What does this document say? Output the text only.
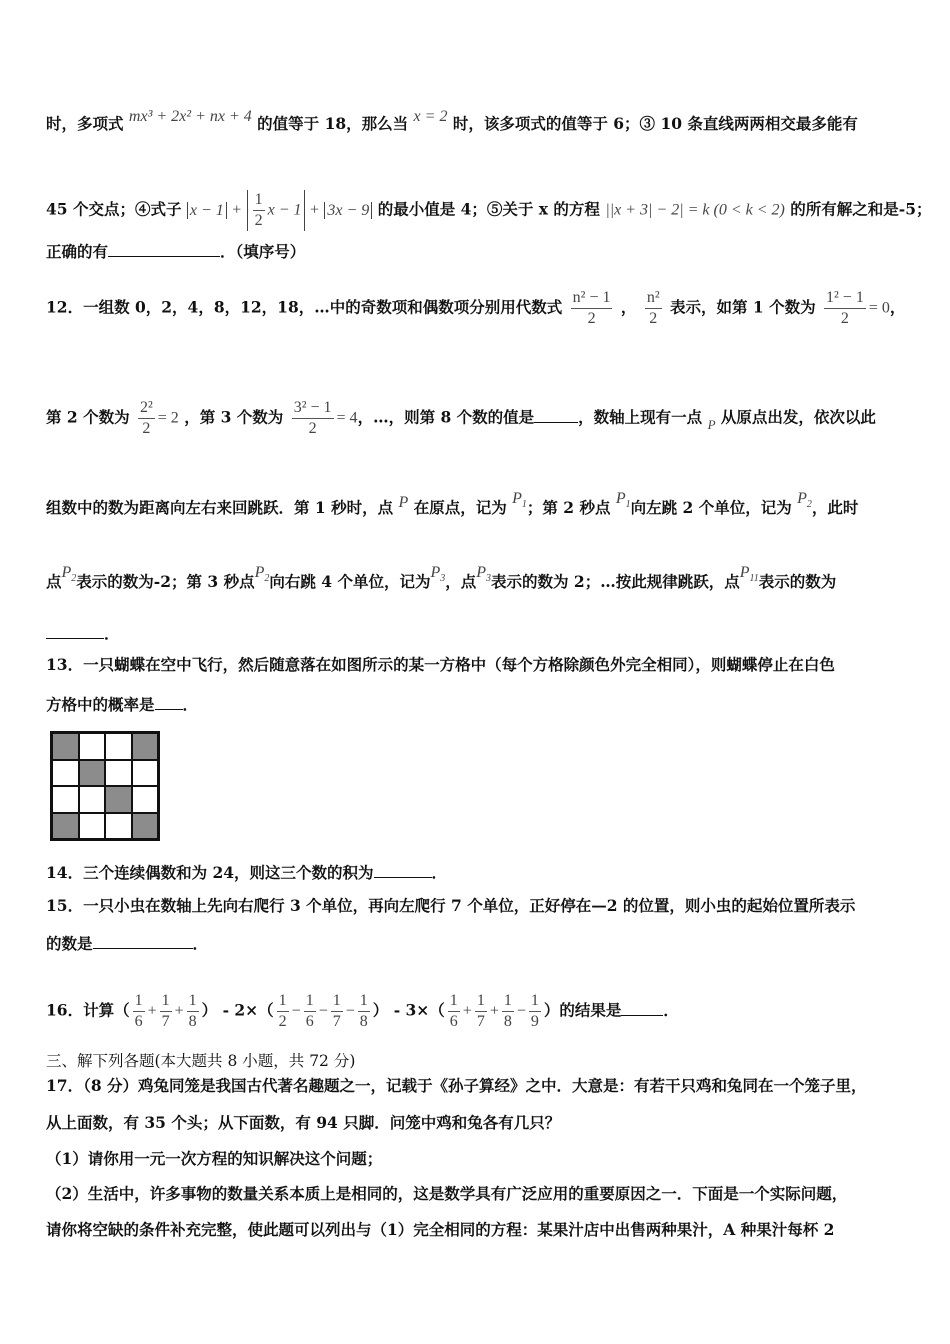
时，多项式 mx³ + 2x² + nx + 4 的值等于 18，那么当 x = 2 时，该多项式的值等于 6；③ 10 条直线两两相交最多能有
45 个交点；④式子 $x - 1 + \frac{1}{2}$ x − 1 + 3x − 9 的最小值是 4；⑤关于 x 的方程 ||x + 3| − 2| = k (0 < k < 2) 的所有解之和是-5；
正确的有	．（填序号）
12．一组数 0，2，4，8，12，18，…中的奇数项和偶数项分别用代数式 $\frac{\text{n² − 1}}{2}$ ， $\frac{\text{n²}}{2}$ 表示，如第 1 个数为 $\frac{\text{1² − 1}}{2} = 0$，
第 2 个数为 $\frac{\text{2²}}{2} = 2$ ，第 3 个数为 $\frac{\text{3² − 1}}{2} = 4$，…，则第 8 个数的值是	，数轴上现有一点 $_P$ 从原点出发，依次以此
组数中的数为距离向左右来回跳跃．第 1 秒时，点 P 在原点，记为 $P_1$；第 2 秒点 $P_1$向左跳 2 个单位，记为 $P_2$，此时
点$P_2$表示的数为-2；第 3 秒点$P_2$向右跳 4 个单位，记为$P_3$，点$P_3$表示的数为 2；…按此规律跳跃，点$P_{11}$表示的数为
．
13．一只蝴蝶在空中飞行，然后随意落在如图所示的某一方格中（每个方格除颜色外完全相同），则蝴蝶停止在白色
方格中的概率是 ．
14．三个连续偶数和为 24，则这三个数的积为	．
15．一只小虫在数轴上先向右爬行 3 个单位，再向左爬行 7 个单位，正好停在—2 的位置，则小虫的起始位置所表示
的数是	．
16．计算（ $\frac{1}{6} + \frac{1}{7} + \frac{1}{8}$ ） - $2\times( \frac{1}{2} - \frac{1}{6} - \frac{1}{7} - \frac{1}{8}$ ） - $3\times( \frac{1}{6} + \frac{1}{7} + \frac{1}{8} - \frac{1}{9}$ ）的结果是	．
三、解下列各题(本大题共 8 小题，共 72 分)
17．（8 分）鸡兔同笼是我国古代著名趣题之一，记载于《孙子算经》之中．大意是：有若干只鸡和兔同在一个笼子里，
从上面数，有 35 个头；从下面数，有 94 只脚．问笼中鸡和兔各有几只？
（1）请你用一元一次方程的知识解决这个问题；
（2）生活中，许多事物的数量关系本质上是相同的，这是数学具有广泛应用的重要原因之一．下面是一个实际问题，
请你将空缺的条件补充完整，使此题可以列出与（1）完全相同的方程：某果汁店中出售两种果汁，A 种果汁每杯 2
